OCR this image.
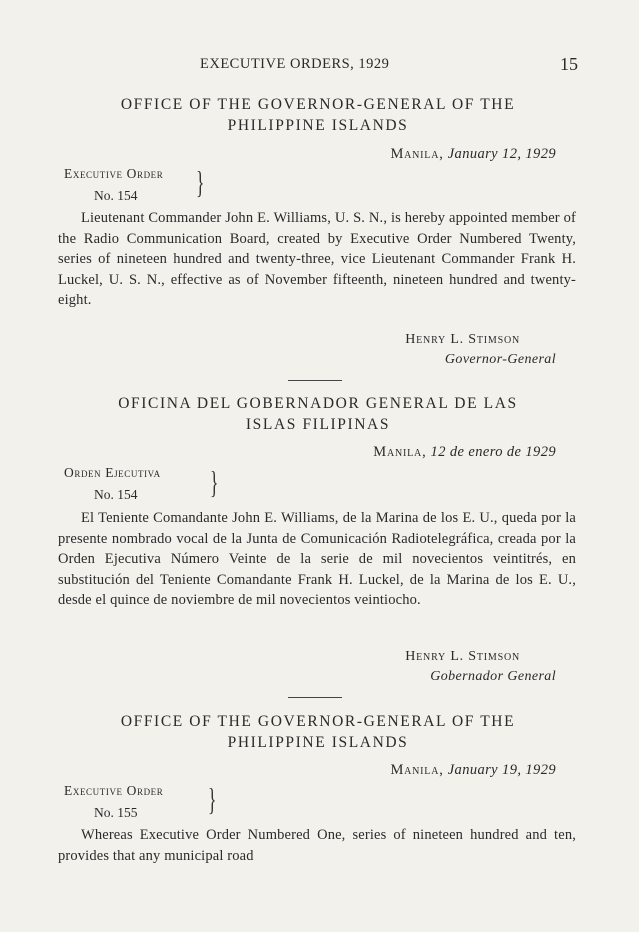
EXECUTIVE ORDERS, 1929	15
OFFICE OF THE GOVERNOR-GENERAL OF THE
PHILIPPINE ISLANDS
Manila, January 12, 1929
Executive Order
No. 154	}

Lieutenant Commander John E. Williams, U. S. N., is hereby appointed member of the Radio Communication Board, created by Executive Order Numbered Twenty, series of nineteen hundred and twenty-three, vice Lieutenant Commander Frank H. Luckel, U. S. N., effective as of November fifteenth, nineteen hundred and twenty-eight.

Henry L. Stimson
Governor-General
OFICINA DEL GOBERNADOR GENERAL DE LAS
ISLAS FILIPINAS
Manila, 12 de enero de 1929
Orden Ejecutiva
No. 154	}

El Teniente Comandante John E. Williams, de la Marina de los E. U., queda por la presente nombrado vocal de la Junta de Comunicación Radiotelegráfica, creada por la Orden Ejecutiva Número Veinte de la serie de mil novecientos veintitrés, en substitución del Teniente Comandante Frank H. Luckel, de la Marina de los E. U., desde el quince de noviembre de mil novecientos veintiocho.

Henry L. Stimson
Gobernador General
OFFICE OF THE GOVERNOR-GENERAL OF THE
PHILIPPINE ISLANDS
Manila, January 19, 1929
Executive Order
No. 155	}

Whereas Executive Order Numbered One, series of nineteen hundred and ten, provides that any municipal road
